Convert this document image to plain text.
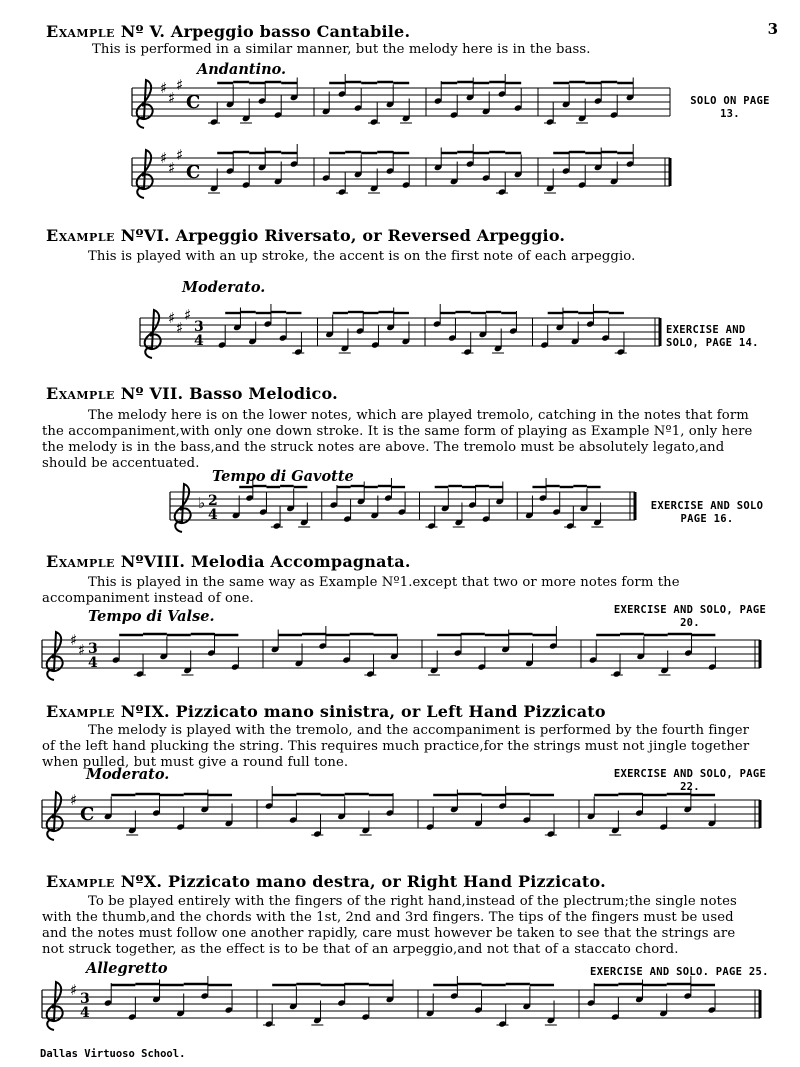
3
Example Nº V. Arpeggio basso Cantabile.
This is performed in a similar manner, but the melody here is in the bass.
Andantino.
SOLO ON PAGE 13.
♯
♯
♯
C
♯
♯
♯
C
Example NºVI. Arpeggio Riversato, or Reversed Arpeggio.
This is played with an up stroke, the accent is on the first note of each arpeggio.
Moderato.
EXERCISE AND SOLO, PAGE 14.
♯
♯
♯
3
4
Example Nº VII. Basso Melodico.
The melody here is on the lower notes, which are played tremolo, catching in the notes that form the accompaniment,with only one down stroke. It is the same form of playing as Example Nº1, only here the melody is in the bass,and the struck notes are above. The tremolo must be absolutely legato,and should be accentuated.
Tempo di Gavotte
EXERCISE AND SOLO PAGE 16.
♭ 2
4
Example NºVIII. Melodia Accompagnata.
This is played in the same way as Example Nº1.except that two or more notes form the accompaniment instead of one.
Tempo di Valse.	EXERCISE AND SOLO, PAGE 20.
♯
♯ 3
4
Example NºIX. Pizzicato mano sinistra, or Left Hand Pizzicato
The melody is played with the tremolo, and the accompaniment is performed by the fourth finger of the left hand plucking the string. This requires much practice,for the strings must not jingle together when pulled, but must give a round full tone.
Moderato.	EXERCISE AND SOLO, PAGE 22.
♯
C
Example NºX. Pizzicato mano destra, or Right Hand Pizzicato.
To be played entirely with the fingers of the right hand,instead of the plectrum;the single notes with the thumb,and the chords with the 1st, 2nd and 3rd fingers. The tips of the fingers must be used and the notes must follow one another rapidly, care must however be taken to see that the strings are not struck together, as the effect is to be that of an arpeggio,and not that of a staccato chord.
Allegretto	EXERCISE AND SOLO. PAGE 25.
♯ 3
4
Dallas Virtuoso School.
